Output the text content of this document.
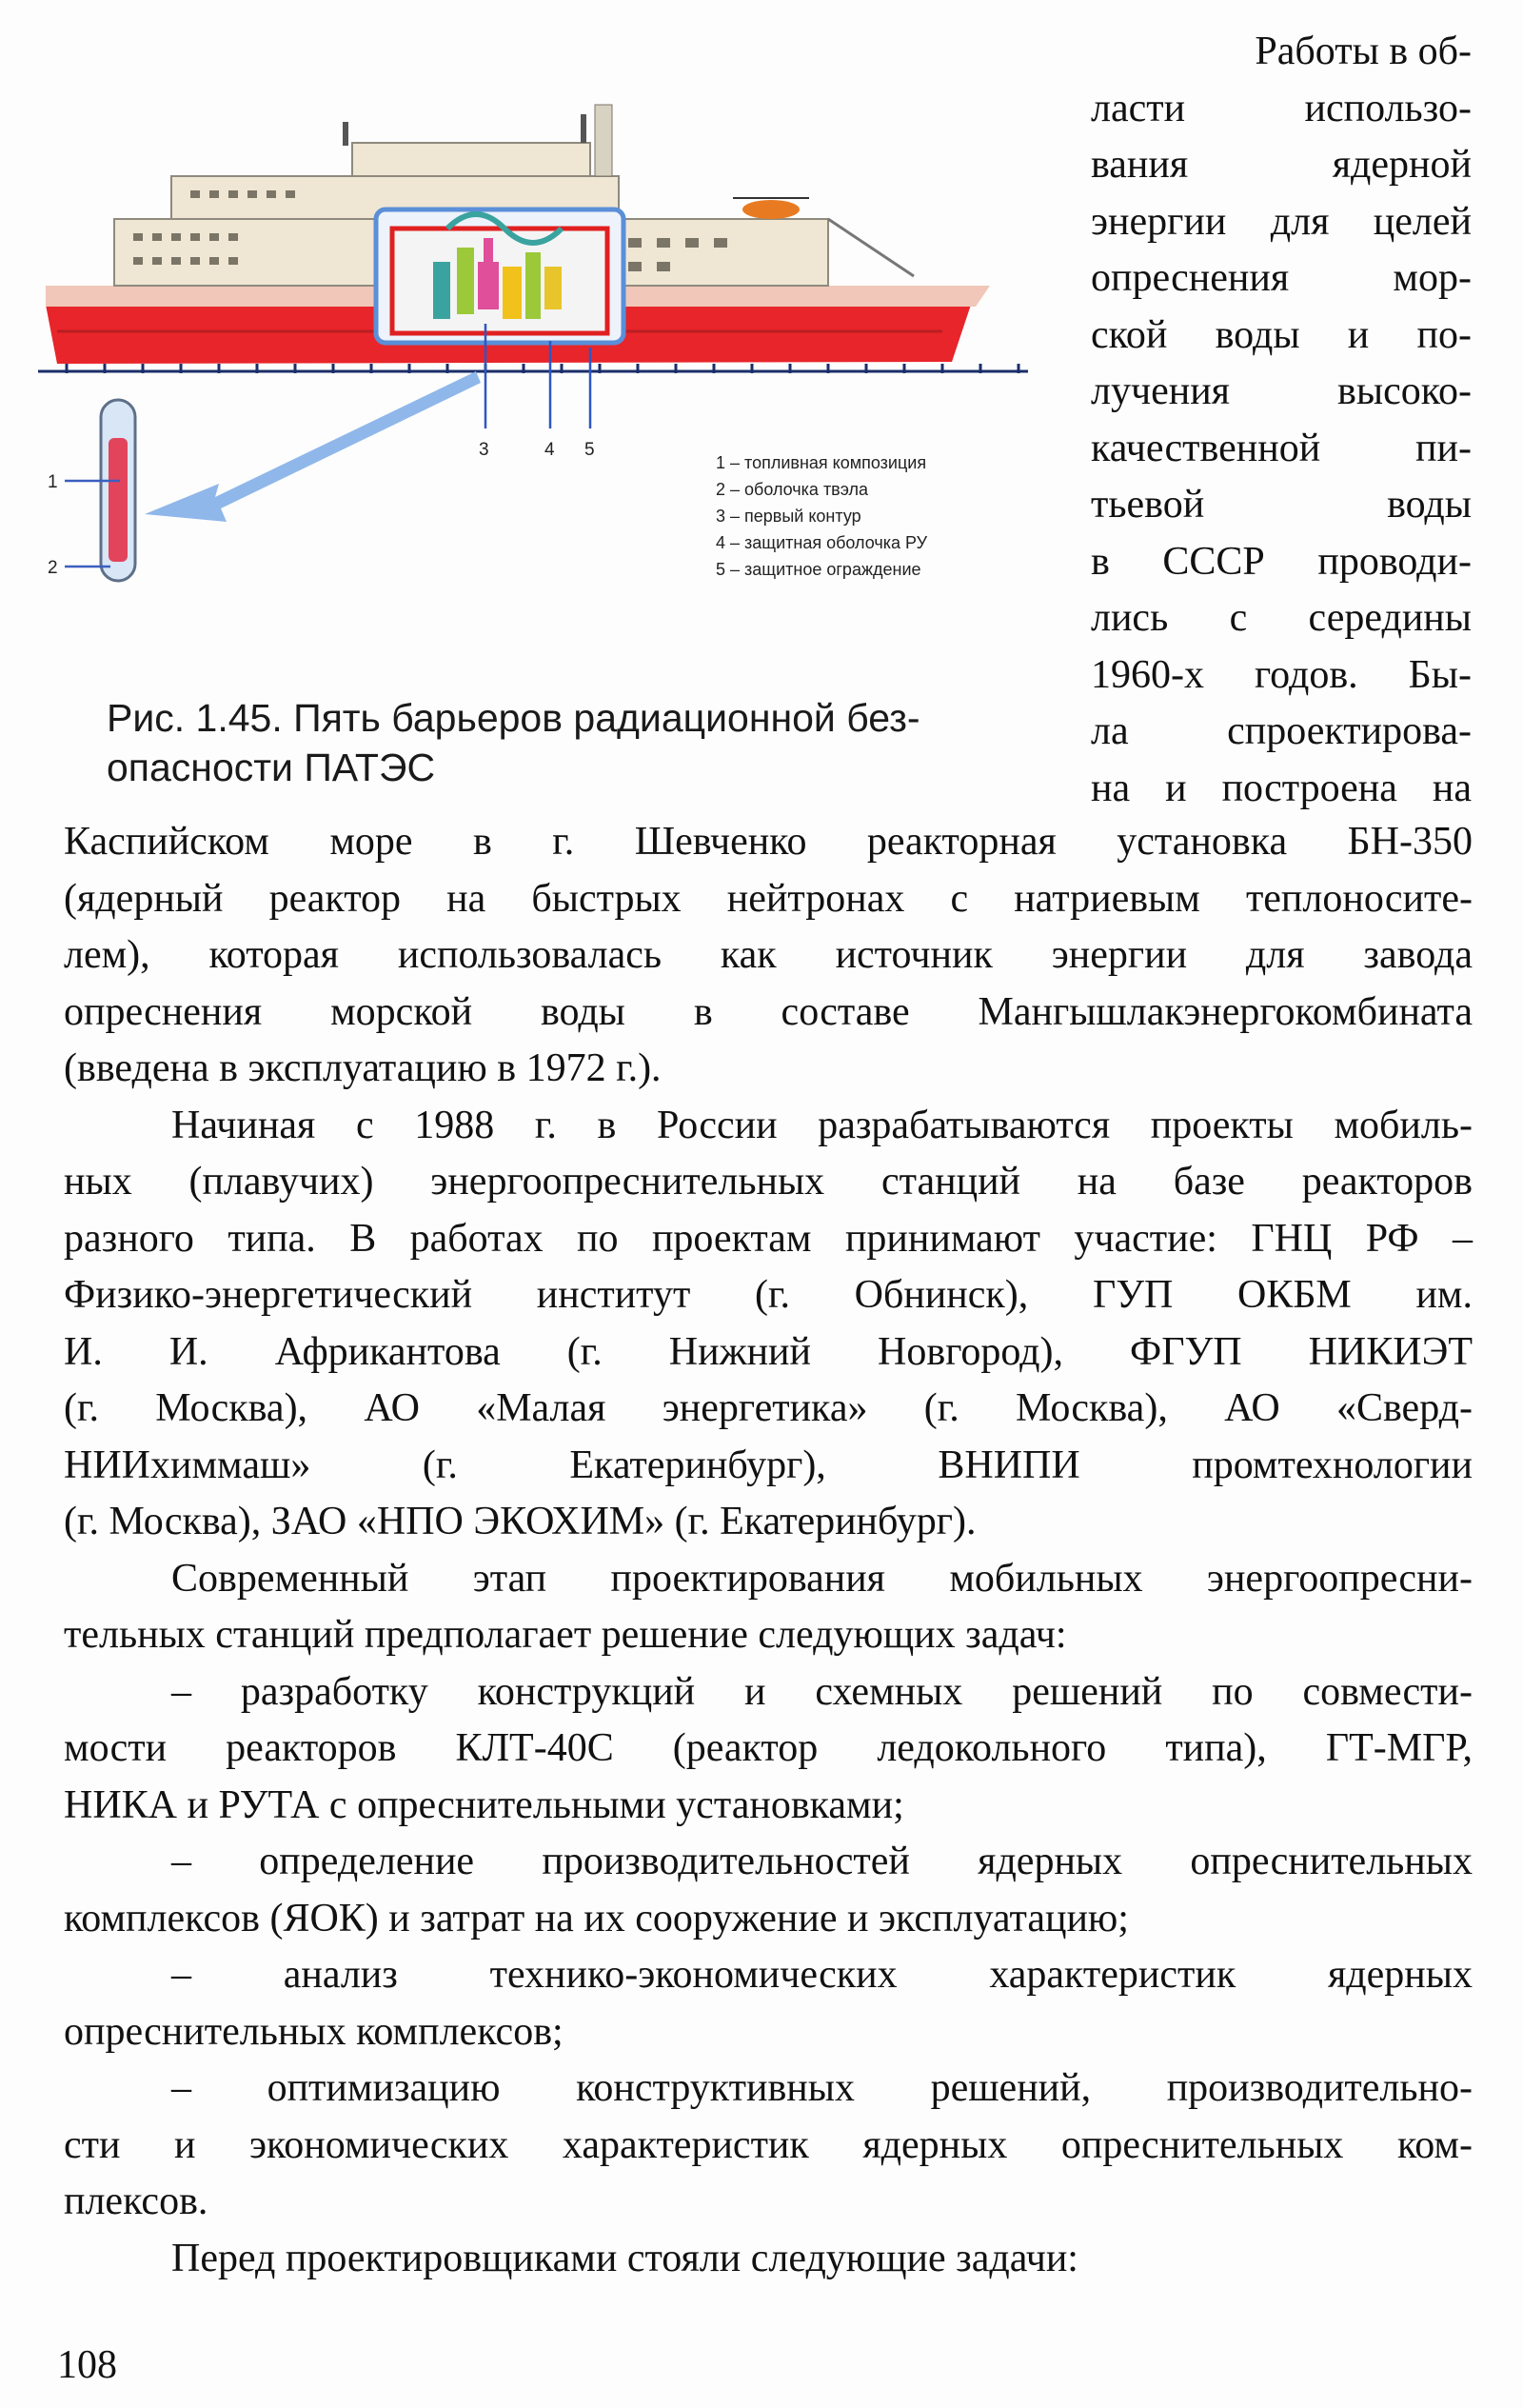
1
2
3	4 5
1 – топливная композиция
2 – оболочка твэла
3 – первый контур
4 – защитная оболочка РУ
5 – защитное ограждение
Рис. 1.45. Пять барьеров радиационной без-
опасности ПАТЭС
Работы в об-
ласти использо-
вания ядерной
энергии для целей
опреснения мор-
ской воды и по-
лучения высоко-
качественной пи-
тьевой воды
в СССР проводи-
лись с середины
1960-х годов. Бы-
ла спроектирова-
на и построена на
Каспийском море в г. Шевченко реакторная установка БН-350
(ядерный реактор на быстрых нейтронах с натриевым теплоносите-
лем), которая использовалась как источник энергии для завода
опреснения морской воды в составе Мангышлакэнергокомбината
(введена в эксплуатацию в 1972 г.).
Начиная с 1988 г. в России разрабатываются проекты мобиль-
ных (плавучих) энергоопреснительных станций на базе реакторов
разного типа. В работах по проектам принимают участие: ГНЦ РФ –
Физико-энергетический институт (г. Обнинск), ГУП ОКБМ им.
И. И. Африкантова (г. Нижний Новгород), ФГУП НИКИЭТ
(г. Москва), АО «Малая энергетика» (г. Москва), АО «Сверд-
НИИхиммаш» (г. Екатеринбург), ВНИПИ промтехнологии
(г. Москва), ЗАО «НПО ЭКОХИМ» (г. Екатеринбург).
Современный этап проектирования мобильных энергоопресни-
тельных станций предполагает решение следующих задач:
– разработку конструкций и схемных решений по совмести-
мости реакторов КЛТ-40С (реактор ледокольного типа), ГТ-МГР,
НИКА и РУТА с опреснительными установками;
– определение производительностей ядерных опреснительных
комплексов (ЯОК) и затрат на их сооружение и эксплуатацию;
– анализ технико-экономических характеристик ядерных
опреснительных комплексов;
– оптимизацию конструктивных решений, производительно-
сти и экономических характеристик ядерных опреснительных ком-
плексов.
Перед проектировщиками стояли следующие задачи:
108
